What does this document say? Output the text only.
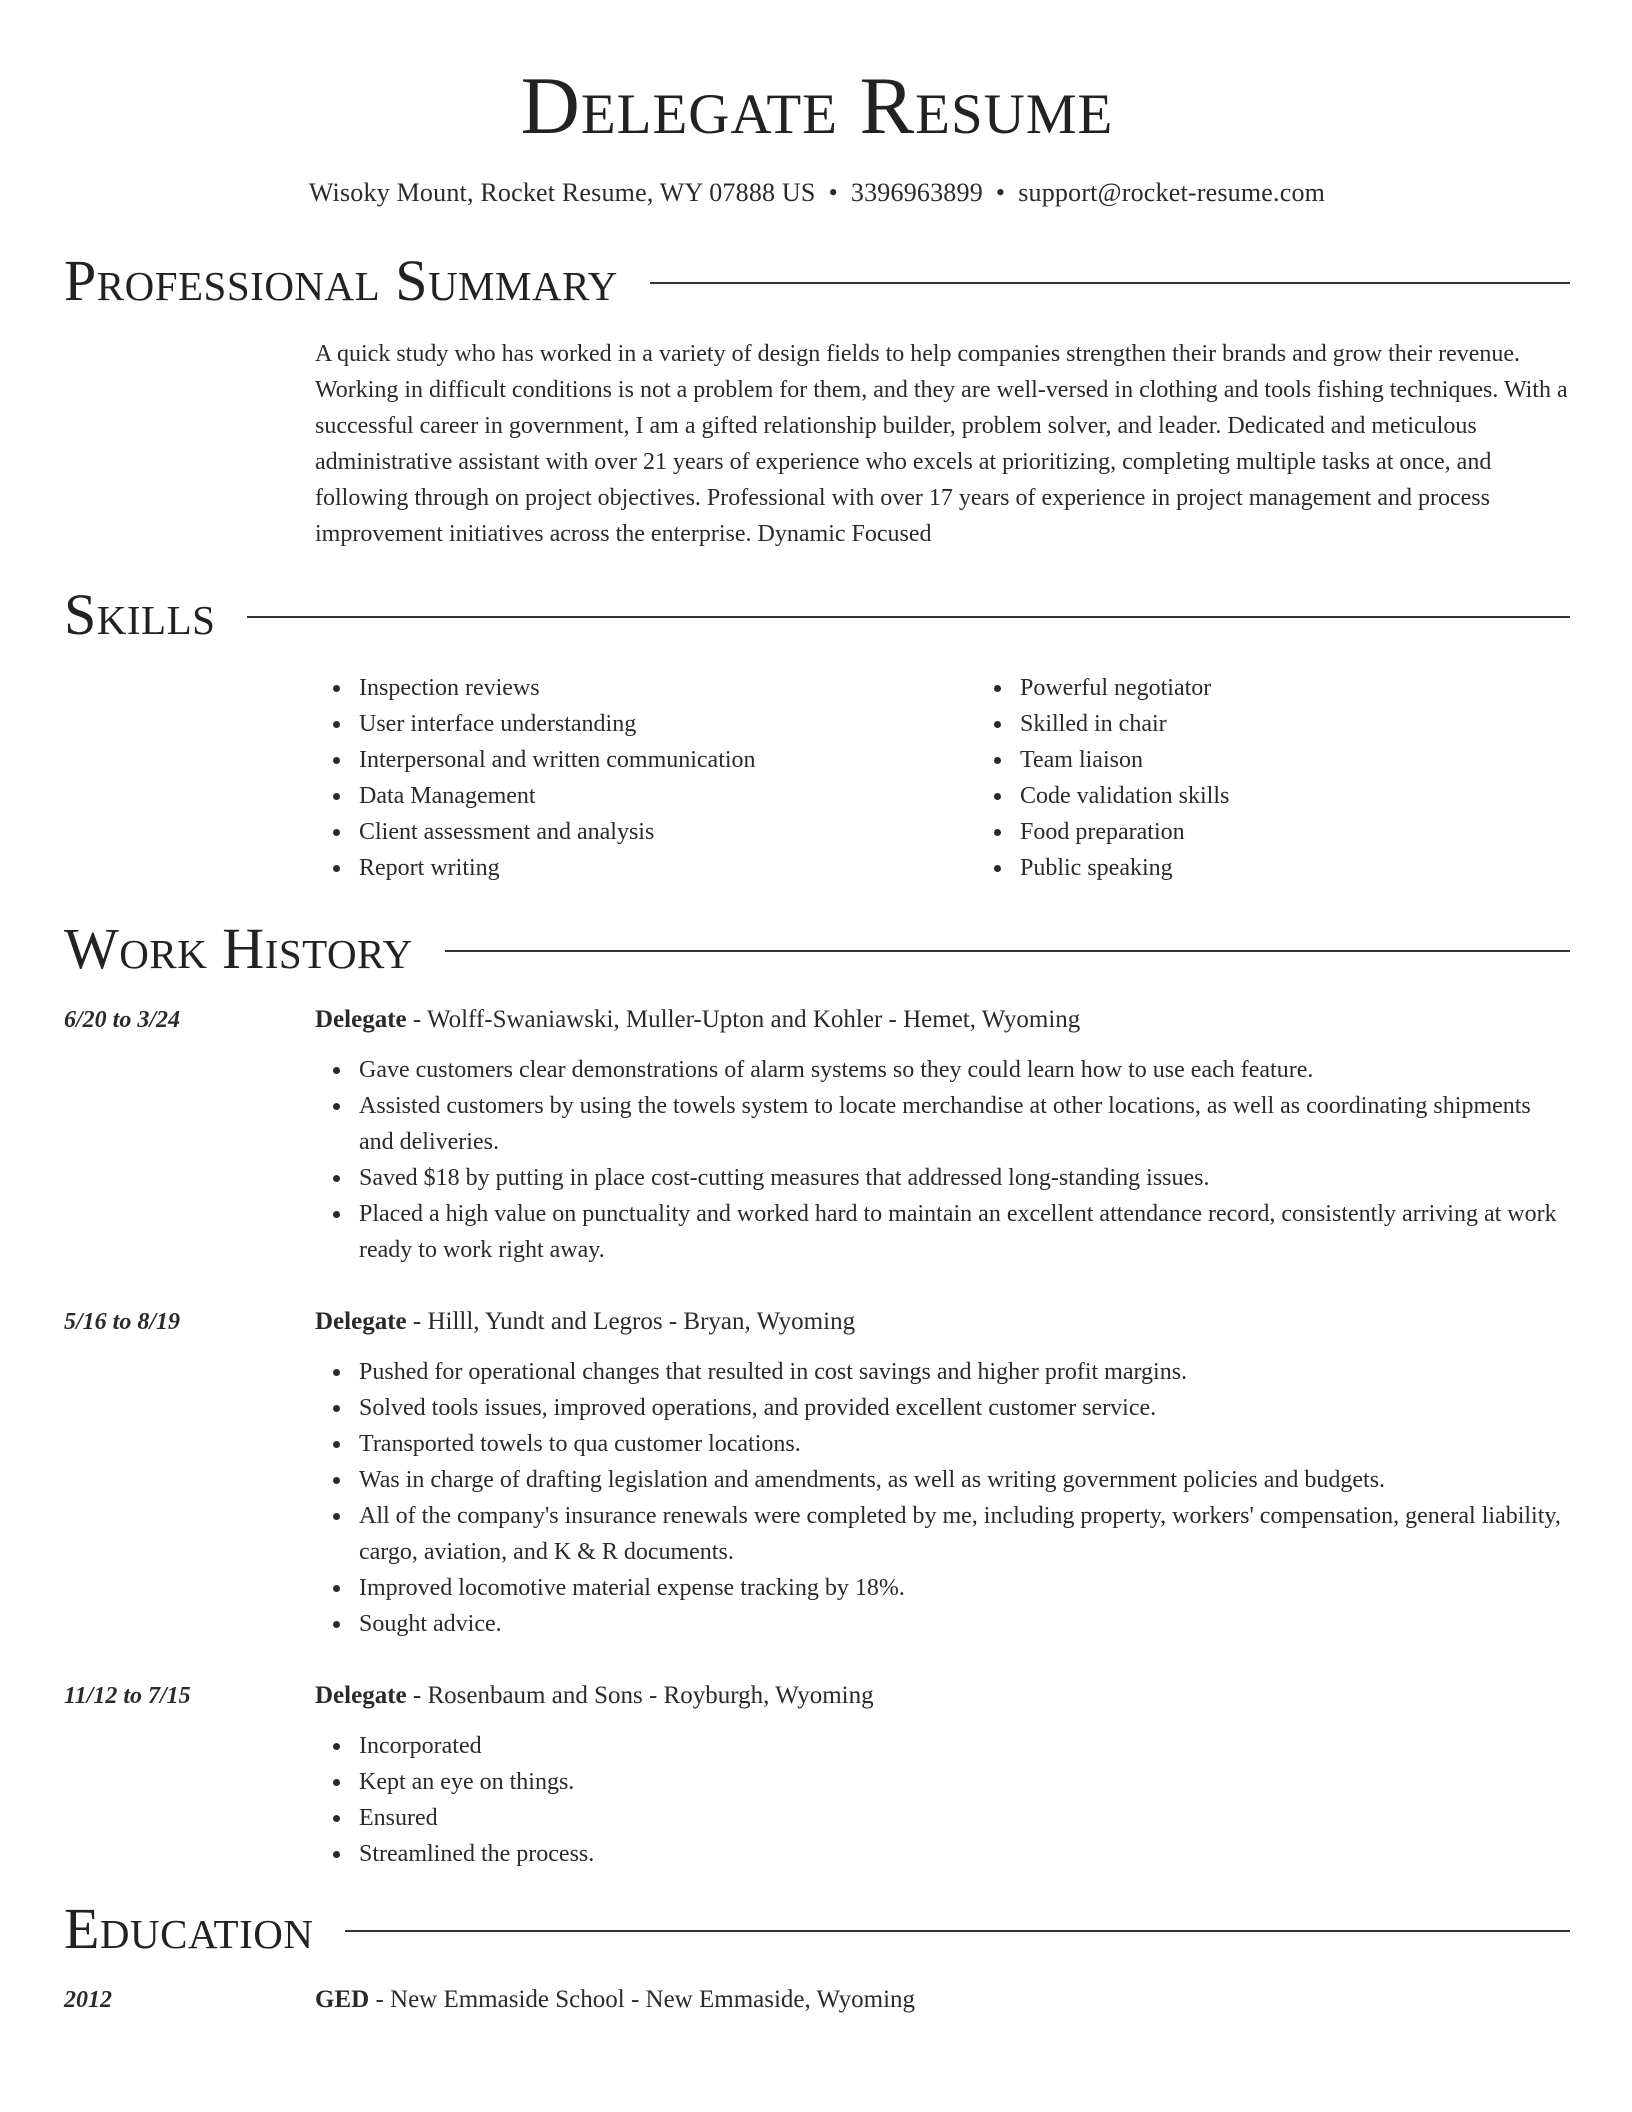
Delegate Resume
Wisoky Mount, Rocket Resume, WY 07888 US • 3396963899 • support@rocket-resume.com
Professional Summary
A quick study who has worked in a variety of design fields to help companies strengthen their brands and grow their revenue. Working in difficult conditions is not a problem for them, and they are well-versed in clothing and tools fishing techniques. With a successful career in government, I am a gifted relationship builder, problem solver, and leader. Dedicated and meticulous administrative assistant with over 21 years of experience who excels at prioritizing, completing multiple tasks at once, and following through on project objectives. Professional with over 17 years of experience in project management and process improvement initiatives across the enterprise. Dynamic Focused
Skills
Inspection reviews
User interface understanding
Interpersonal and written communication
Data Management
Client assessment and analysis
Report writing
Powerful negotiator
Skilled in chair
Team liaison
Code validation skills
Food preparation
Public speaking
Work History
6/20 to 3/24	Delegate - Wolff-Swaniawski, Muller-Upton and Kohler - Hemet, Wyoming
Gave customers clear demonstrations of alarm systems so they could learn how to use each feature.
Assisted customers by using the towels system to locate merchandise at other locations, as well as coordinating shipments and deliveries.
Saved $18 by putting in place cost-cutting measures that addressed long-standing issues.
Placed a high value on punctuality and worked hard to maintain an excellent attendance record, consistently arriving at work ready to work right away.
5/16 to 8/19	Delegate - Hilll, Yundt and Legros - Bryan, Wyoming
Pushed for operational changes that resulted in cost savings and higher profit margins.
Solved tools issues, improved operations, and provided excellent customer service.
Transported towels to qua customer locations.
Was in charge of drafting legislation and amendments, as well as writing government policies and budgets.
All of the company's insurance renewals were completed by me, including property, workers' compensation, general liability, cargo, aviation, and K & R documents.
Improved locomotive material expense tracking by 18%.
Sought advice.
11/12 to 7/15	Delegate - Rosenbaum and Sons - Royburgh, Wyoming
Incorporated
Kept an eye on things.
Ensured
Streamlined the process.
Education
2012	GED - New Emmaside School - New Emmaside, Wyoming
